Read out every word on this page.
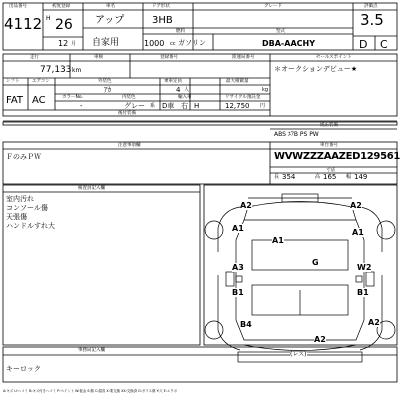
出品番号
4112
初度登録
H 26
12 月
車名
アップ
自家用
ドア形状
3HB
グレード
1000 cc
燃料
ガソリン
型式
DBA-AACHY
評価点
3.5
D C
走行
77,133 km
車検	登録番号	陸運局番号	セールスポイント
＊オークションデビュー★
シフト
FAT
エアコン
AC
外装色
ｱｶ
乗車定員
4 人
最大積載量
kg
カラーNo.
-
内装色
グレー 系
輸入車
D車 右 H
リサイクル預託金
12,750 円
後付装備
純正装備
ABS ｴｱB PS PW
注意事項欄
ＦのみＰＷ
車台番号
WVWZZZAAZED129561
寸法
長 354	高 165 幅 149
検査員記入欄
室内汚れ
コンソール傷
天張傷
ハンドルすれ大
A2	A2
A1
A1
A1
G
A3	W2
B1	B1
B4	A2
A2
(レス)
事務局記入欄
キーロック
A:キズ U:ヘコミ B:キズ付きヘコミ P:ペイント W:板金 S:錆 C:腐食 X:要交換 XX:交換済 G:ガラス傷 Y:穴 E:エクボ
